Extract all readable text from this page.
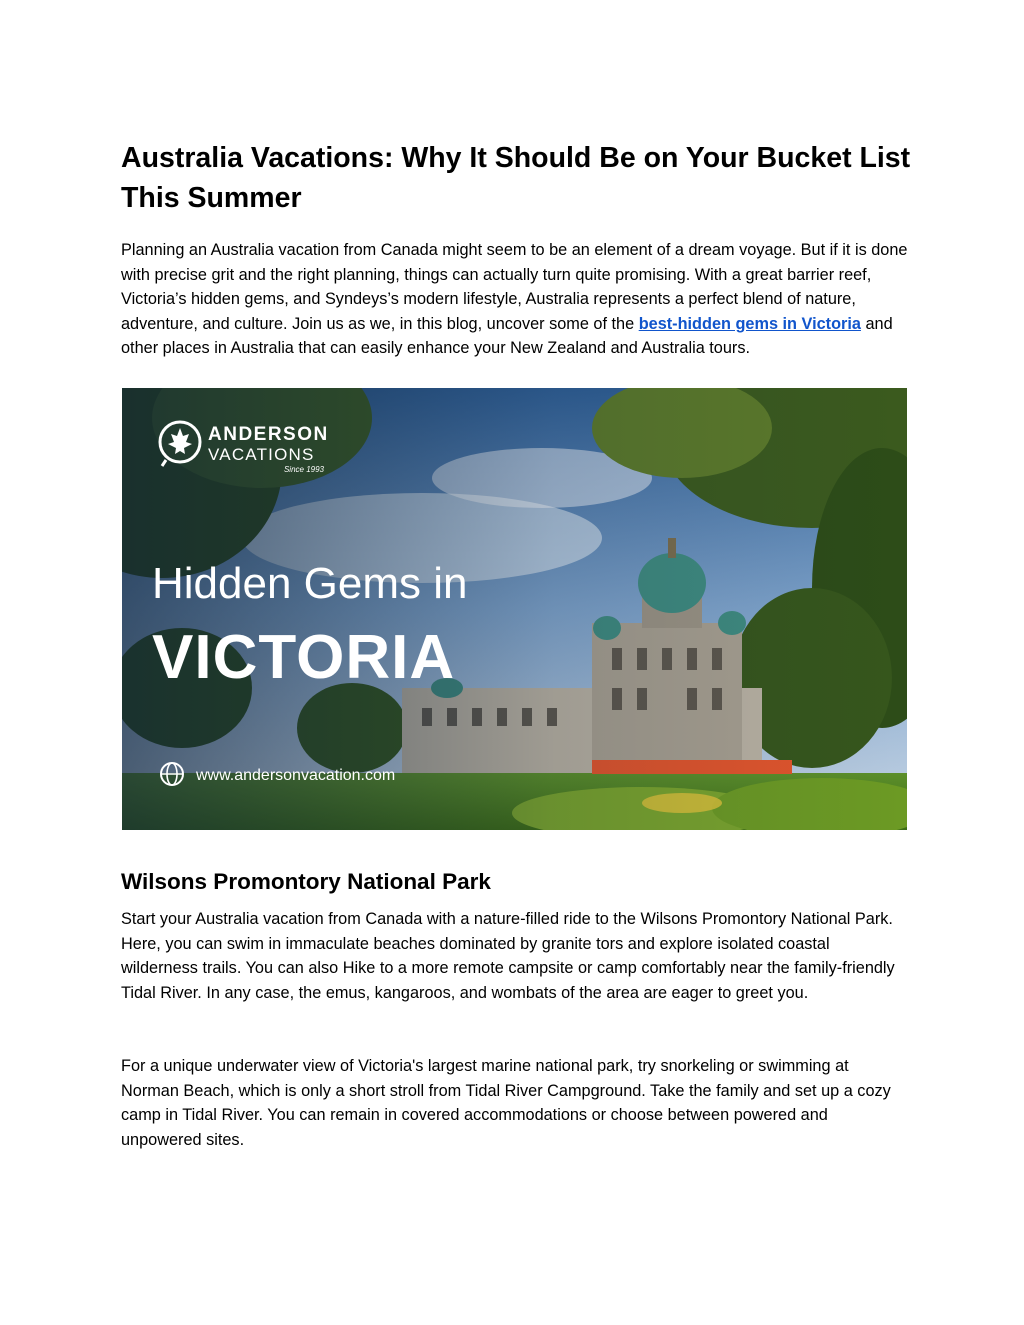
Australia Vacations: Why It Should Be on Your Bucket List This Summer

Planning an Australia vacation from Canada might seem to be an element of a dream voyage. But if it is done with precise grit and the right planning, things can actually turn quite promising. With a great barrier reef, Victoria’s hidden gems, and Syndeys’s modern lifestyle, Australia represents a perfect blend of nature, adventure, and culture. Join us as we, in this blog, uncover some of the best-hidden gems in Victoria and other places in Australia that can easily enhance your New Zealand and Australia tours.

ANDERSON
VACATIONS
Since 1993
Hidden Gems in
VICTORIA
www.andersonvacation.com
Wilsons Promontory National Park

Start your Australia vacation from Canada with a nature-filled ride to the Wilsons Promontory National Park. Here, you can swim in immaculate beaches dominated by granite tors and explore isolated coastal wilderness trails. You can also Hike to a more remote campsite or camp comfortably near the family-friendly Tidal River. In any case, the emus, kangaroos, and wombats of the area are eager to greet you.

For a unique underwater view of Victoria's largest marine national park, try snorkeling or swimming at Norman Beach, which is only a short stroll from Tidal River Campground. Take the family and set up a cozy camp in Tidal River. You can remain in covered accommodations or choose between powered and unpowered sites.
